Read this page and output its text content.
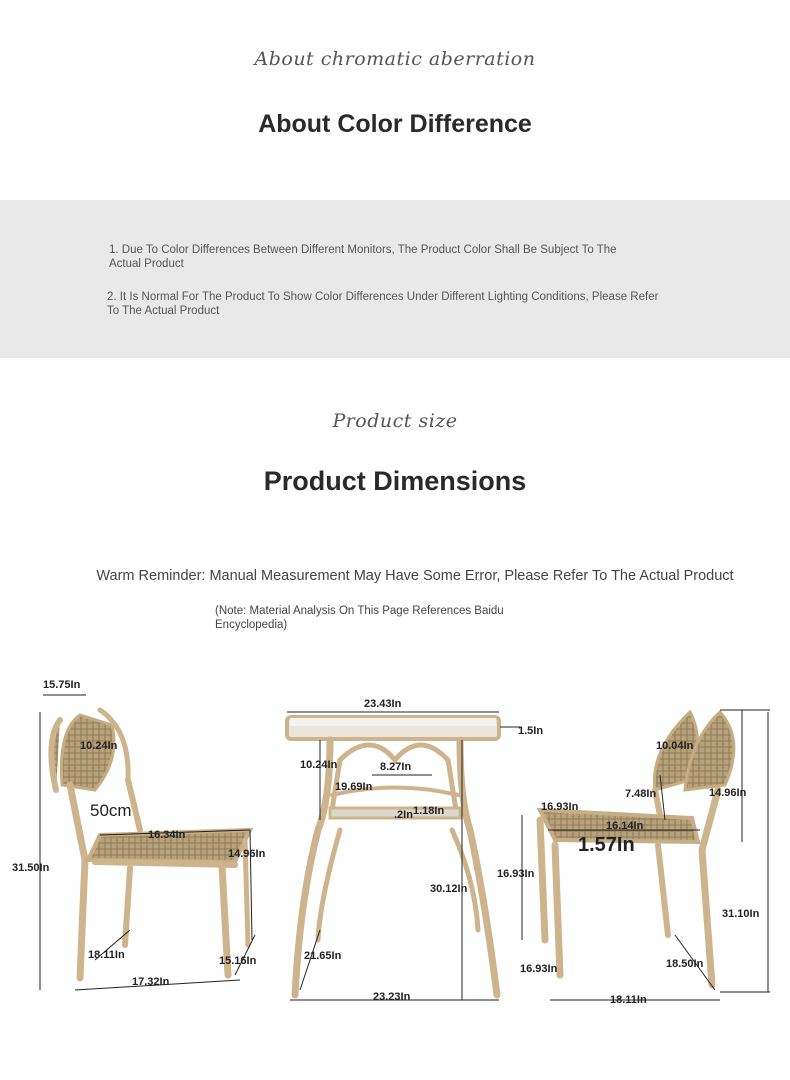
About chromatic aberration
About Color Difference
1. Due To Color Differences Between Different Monitors, The Product Color Shall Be Subject To The Actual Product
2. It Is Normal For The Product To Show Color Differences Under Different Lighting Conditions, Please Refer To The Actual Product
Product size
Product Dimensions
Warm Reminder: Manual Measurement May Have Some Error, Please Refer To The Actual Product
(Note: Material Analysis On This Page References Baidu Encyclopedia)
15.75In
10.24In
50cm
16.34In
31.50In
14.96In
18.11In	15.16In
17.32In
23.43In
1.5In
10.24In	8.27In
19.69In
1.18In
.2In
30.12In
21.65In
23.23In
10.04In
14.96In
7.48In
16.93In
16.14In
1.57In
16.93In
31.10In
18.50In
16.93In
18.11In
